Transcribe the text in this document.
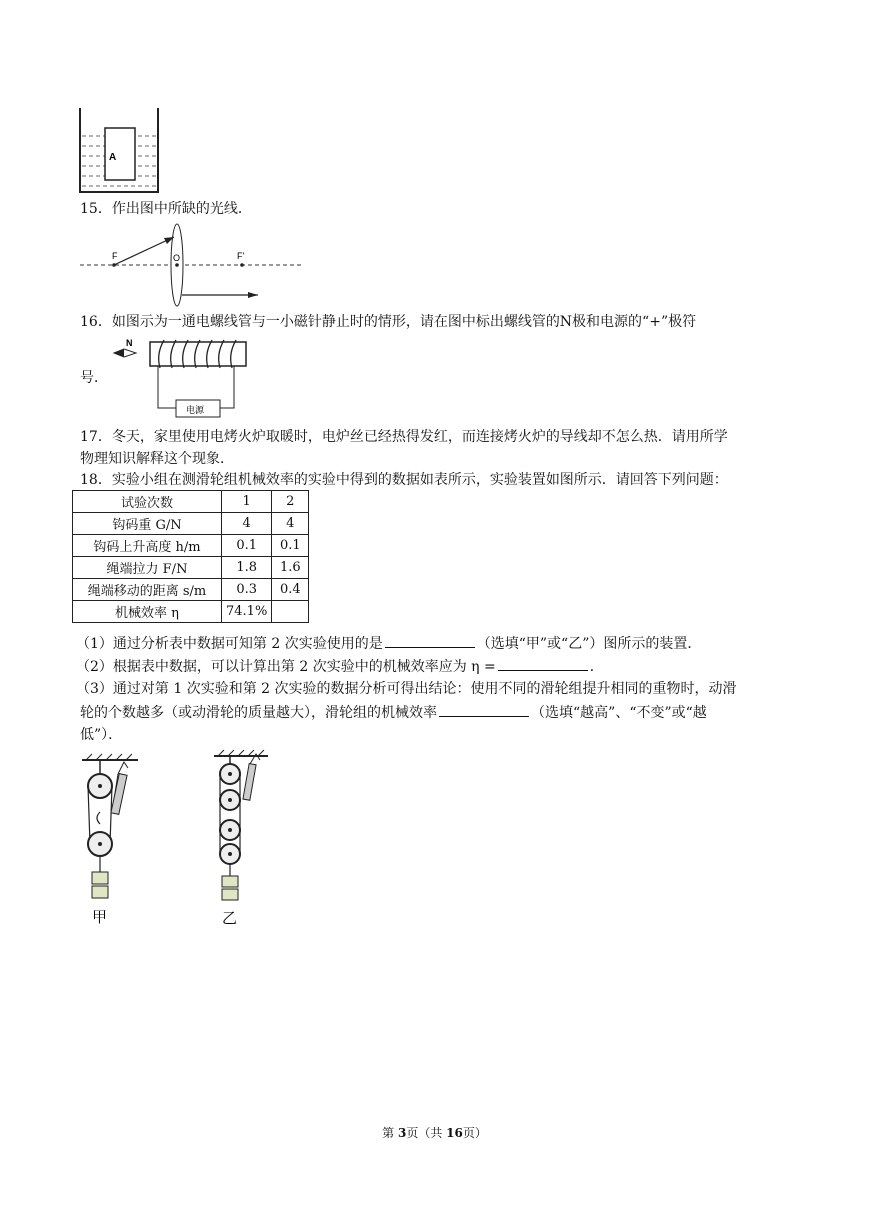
A
15．作出图中所缺的光线．
F	O	F'
16．如图示为一通电螺线管与一小磁针静止时的情形，请在图中标出螺线管的N极和电源的“+”极符
电源
N
号．
17．冬天，家里使用电烤火炉取暖时，电炉丝已经热得发红，而连接烤火炉的导线却不怎么热．请用所学
物理知识解释这个现象．
18．实验小组在测滑轮组机械效率的实验中得到的数据如表所示，实验装置如图所示．请回答下列问题：
试验次数	1	2
钩码重 G/N	4	4
钩码上升高度 h/m	0.1	0.1
绳端拉力 F/N	1.8	1.6
绳端移动的距离 s/m	0.3	0.4
机械效率 η	74.1%	
（1）通过分析表中数据可知第 2 次实验使用的是	（选填“甲”或“乙”）图所示的装置．
（2）根据表中数据，可以计算出第 2 次实验中的机械效率应为 η =	．
（3）通过对第 1 次实验和第 2 次实验的数据分析可得出结论：使用不同的滑轮组提升相同的重物时，动滑
轮的个数越多（或动滑轮的质量越大），滑轮组的机械效率	（选填“越高”、“不变”或“越
低”）．
甲	乙
第 3页（共 16页）
